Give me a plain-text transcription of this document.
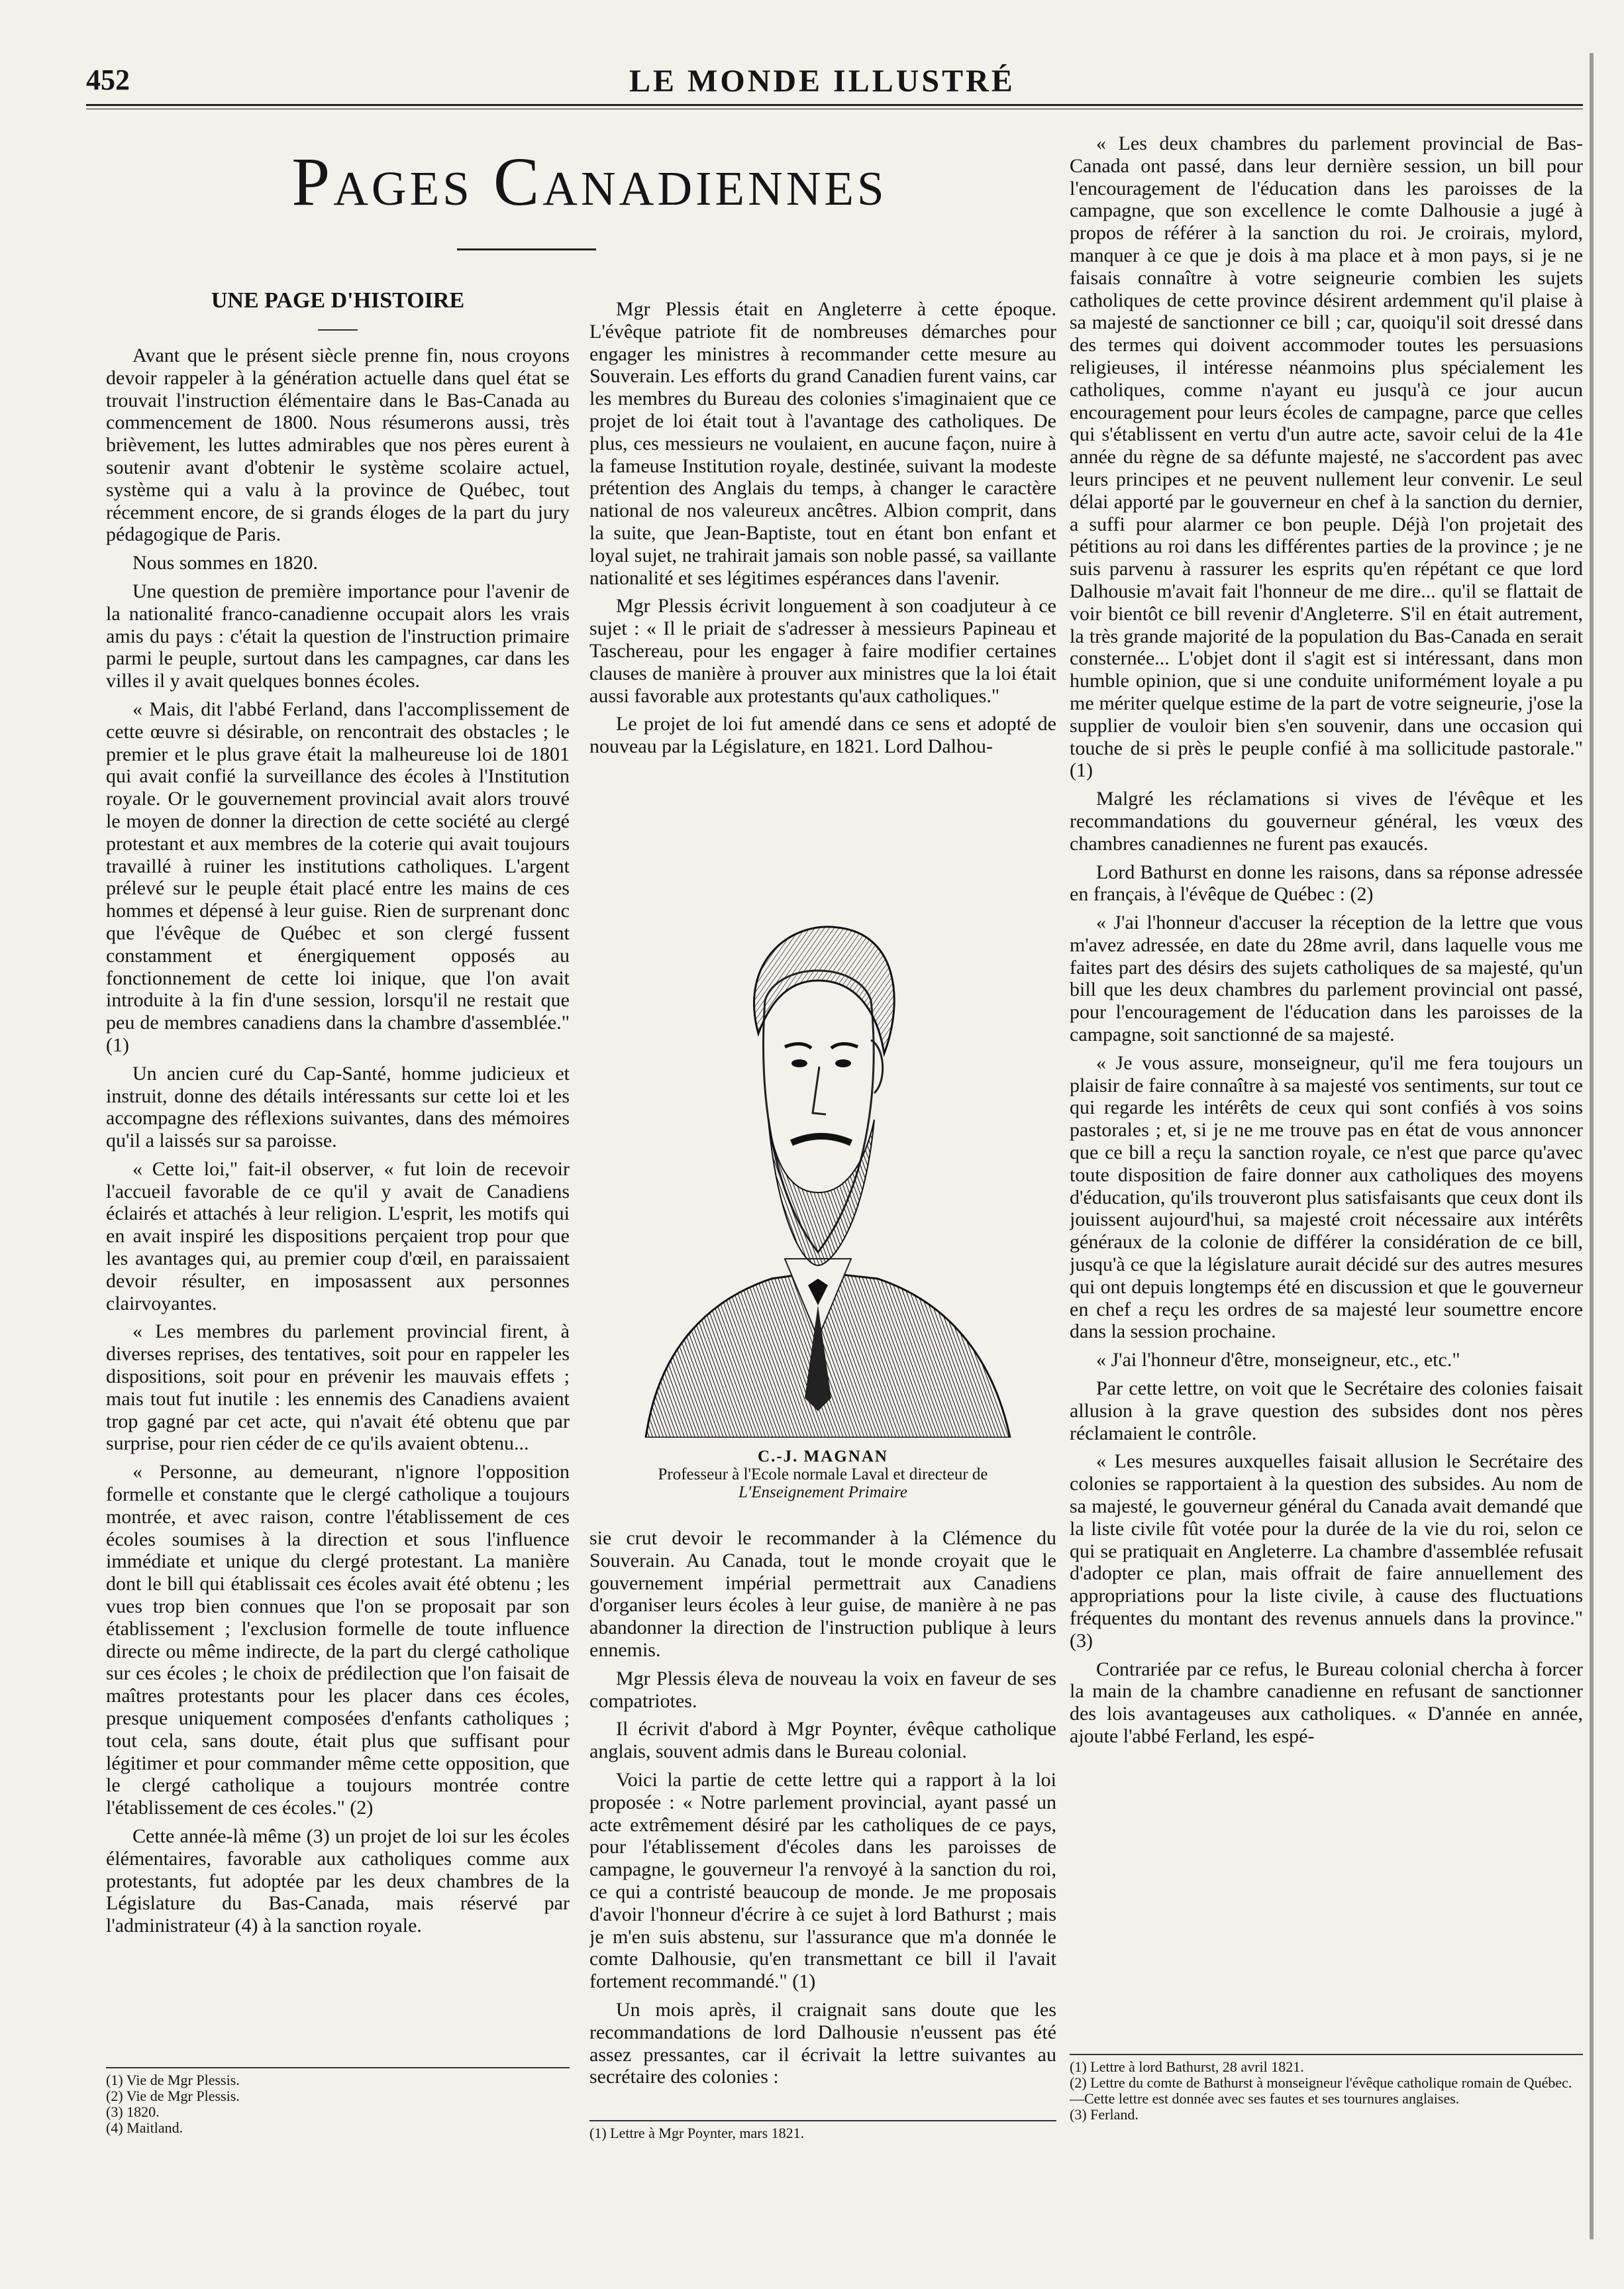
452	LE MONDE ILLUSTRÉ
Pages Canadiennes
UNE PAGE D'HISTOIRE

Avant que le présent siècle prenne fin, nous croyons devoir rappeler à la génération actuelle dans quel état se trouvait l'instruction élémentaire dans le Bas-Canada au commencement de 1800. Nous résumerons aussi, très brièvement, les luttes admirables que nos pères eurent à soutenir avant d'obtenir le système scolaire actuel, système qui a valu à la province de Québec, tout récemment encore, de si grands éloges de la part du jury pédagogique de Paris.

Nous sommes en 1820.

Une question de première importance pour l'avenir de la nationalité franco-canadienne occupait alors les vrais amis du pays : c'était la question de l'instruction primaire parmi le peuple, surtout dans les campagnes, car dans les villes il y avait quelques bonnes écoles.

« Mais, dit l'abbé Ferland, dans l'accomplissement de cette œuvre si désirable, on rencontrait des obstacles ; le premier et le plus grave était la malheureuse loi de 1801 qui avait confié la surveillance des écoles à l'Institution royale. Or le gouvernement provincial avait alors trouvé le moyen de donner la direction de cette société au clergé protestant et aux membres de la coterie qui avait toujours travaillé à ruiner les institutions catholiques. L'argent prélevé sur le peuple était placé entre les mains de ces hommes et dépensé à leur guise. Rien de surprenant donc que l'évêque de Québec et son clergé fussent constamment et énergiquement opposés au fonctionnement de cette loi inique, que l'on avait introduite à la fin d'une session, lorsqu'il ne restait que peu de membres canadiens dans la chambre d'assemblée." (1)

Un ancien curé du Cap-Santé, homme judicieux et instruit, donne des détails intéressants sur cette loi et les accompagne des réflexions suivantes, dans des mémoires qu'il a laissés sur sa paroisse.

« Cette loi," fait-il observer, « fut loin de recevoir l'accueil favorable de ce qu'il y avait de Canadiens éclairés et attachés à leur religion. L'esprit, les motifs qui en avait inspiré les dispositions perçaient trop pour que les avantages qui, au premier coup d'œil, en paraissaient devoir résulter, en imposassent aux personnes clairvoyantes.

« Les membres du parlement provincial firent, à diverses reprises, des tentatives, soit pour en rappeler les dispositions, soit pour en prévenir les mauvais effets ; mais tout fut inutile : les ennemis des Canadiens avaient trop gagné par cet acte, qui n'avait été obtenu que par surprise, pour rien céder de ce qu'ils avaient obtenu...

« Personne, au demeurant, n'ignore l'opposition formelle et constante que le clergé catholique a toujours montrée, et avec raison, contre l'établissement de ces écoles soumises à la direction et sous l'influence immédiate et unique du clergé protestant. La manière dont le bill qui établissait ces écoles avait été obtenu ; les vues trop bien connues que l'on se proposait par son établissement ; l'exclusion formelle de toute influence directe ou même indirecte, de la part du clergé catholique sur ces écoles ; le choix de prédilection que l'on faisait de maîtres protestants pour les placer dans ces écoles, presque uniquement composées d'enfants catholiques ; tout cela, sans doute, était plus que suffisant pour légitimer et pour commander même cette opposition, que le clergé catholique a toujours montrée contre l'établissement de ces écoles." (2)

Cette année-là même (3) un projet de loi sur les écoles élémentaires, favorable aux catholiques comme aux protestants, fut adoptée par les deux chambres de la Législature du Bas-Canada, mais réservé par l'administrateur (4) à la sanction royale.

(1) Vie de Mgr Plessis.
(2) Vie de Mgr Plessis.
(3) 1820.
(4) Maitland.

Mgr Plessis était en Angleterre à cette époque. L'évêque patriote fit de nombreuses démarches pour engager les ministres à recommander cette mesure au Souverain. Les efforts du grand Canadien furent vains, car les membres du Bureau des colonies s'imaginaient que ce projet de loi était tout à l'avantage des catholiques. De plus, ces messieurs ne voulaient, en aucune façon, nuire à la fameuse Institution royale, destinée, suivant la modeste prétention des Anglais du temps, à changer le caractère national de nos valeureux ancêtres. Albion comprit, dans la suite, que Jean-Baptiste, tout en étant bon enfant et loyal sujet, ne trahirait jamais son noble passé, sa vaillante nationalité et ses légitimes espérances dans l'avenir.

Mgr Plessis écrivit longuement à son coadjuteur à ce sujet : « Il le priait de s'adresser à messieurs Papineau et Taschereau, pour les engager à faire modifier certaines clauses de manière à prouver aux ministres que la loi était aussi favorable aux protestants qu'aux catholiques."

Le projet de loi fut amendé dans ce sens et adopté de nouveau par la Législature, en 1821. Lord Dalhou-

C.-J. MAGNAN
Professeur à l'Ecole normale Laval et directeur de
L'Enseignement Primaire

sie crut devoir le recommander à la Clémence du Souverain. Au Canada, tout le monde croyait que le gouvernement impérial permettrait aux Canadiens d'organiser leurs écoles à leur guise, de manière à ne pas abandonner la direction de l'instruction publique à leurs ennemis.

Mgr Plessis éleva de nouveau la voix en faveur de ses compatriotes.

Il écrivit d'abord à Mgr Poynter, évêque catholique anglais, souvent admis dans le Bureau colonial.

Voici la partie de cette lettre qui a rapport à la loi proposée : « Notre parlement provincial, ayant passé un acte extrêmement désiré par les catholiques de ce pays, pour l'établissement d'écoles dans les paroisses de campagne, le gouverneur l'a renvoyé à la sanction du roi, ce qui a contristé beaucoup de monde. Je me proposais d'avoir l'honneur d'écrire à ce sujet à lord Bathurst ; mais je m'en suis abstenu, sur l'assurance que m'a donnée le comte Dalhousie, qu'en transmettant ce bill il l'avait fortement recommandé." (1)

Un mois après, il craignait sans doute que les recommandations de lord Dalhousie n'eussent pas été assez pressantes, car il écrivait la lettre suivantes au secrétaire des colonies :

(1) Lettre à Mgr Poynter, mars 1821.

« Les deux chambres du parlement provincial de Bas-Canada ont passé, dans leur dernière session, un bill pour l'encouragement de l'éducation dans les paroisses de la campagne, que son excellence le comte Dalhousie a jugé à propos de référer à la sanction du roi. Je croirais, mylord, manquer à ce que je dois à ma place et à mon pays, si je ne faisais connaître à votre seigneurie combien les sujets catholiques de cette province désirent ardemment qu'il plaise à sa majesté de sanctionner ce bill ; car, quoiqu'il soit dressé dans des termes qui doivent accommoder toutes les persuasions religieuses, il intéresse néanmoins plus spécialement les catholiques, comme n'ayant eu jusqu'à ce jour aucun encouragement pour leurs écoles de campagne, parce que celles qui s'établissent en vertu d'un autre acte, savoir celui de la 41e année du règne de sa défunte majesté, ne s'accordent pas avec leurs principes et ne peuvent nullement leur convenir. Le seul délai apporté par le gouverneur en chef à la sanction du dernier, a suffi pour alarmer ce bon peuple. Déjà l'on projetait des pétitions au roi dans les différentes parties de la province ; je ne suis parvenu à rassurer les esprits qu'en répétant ce que lord Dalhousie m'avait fait l'honneur de me dire... qu'il se flattait de voir bientôt ce bill revenir d'Angleterre. S'il en était autrement, la très grande majorité de la population du Bas-Canada en serait consternée... L'objet dont il s'agit est si intéressant, dans mon humble opinion, que si une conduite uniformément loyale a pu me mériter quelque estime de la part de votre seigneurie, j'ose la supplier de vouloir bien s'en souvenir, dans une occasion qui touche de si près le peuple confié à ma sollicitude pastorale." (1)

Malgré les réclamations si vives de l'évêque et les recommandations du gouverneur général, les vœux des chambres canadiennes ne furent pas exaucés.

Lord Bathurst en donne les raisons, dans sa réponse adressée en français, à l'évêque de Québec : (2)

« J'ai l'honneur d'accuser la réception de la lettre que vous m'avez adressée, en date du 28me avril, dans laquelle vous me faites part des désirs des sujets catholiques de sa majesté, qu'un bill que les deux chambres du parlement provincial ont passé, pour l'encouragement de l'éducation dans les paroisses de la campagne, soit sanctionné de sa majesté.

« Je vous assure, monseigneur, qu'il me fera toujours un plaisir de faire connaître à sa majesté vos sentiments, sur tout ce qui regarde les intérêts de ceux qui sont confiés à vos soins pastorales ; et, si je ne me trouve pas en état de vous annoncer que ce bill a reçu la sanction royale, ce n'est que parce qu'avec toute disposition de faire donner aux catholiques des moyens d'éducation, qu'ils trouveront plus satisfaisants que ceux dont ils jouissent aujourd'hui, sa majesté croit nécessaire aux intérêts généraux de la colonie de différer la considération de ce bill, jusqu'à ce que la législature aurait décidé sur des autres mesures qui ont depuis longtemps été en discussion et que le gouverneur en chef a reçu les ordres de sa majesté leur soumettre encore dans la session prochaine.

« J'ai l'honneur d'être, monseigneur, etc., etc."

Par cette lettre, on voit que le Secrétaire des colonies faisait allusion à la grave question des subsides dont nos pères réclamaient le contrôle.

« Les mesures auxquelles faisait allusion le Secrétaire des colonies se rapportaient à la question des subsides. Au nom de sa majesté, le gouverneur général du Canada avait demandé que la liste civile fût votée pour la durée de la vie du roi, selon ce qui se pratiquait en Angleterre. La chambre d'assemblée refusait d'adopter ce plan, mais offrait de faire annuellement des appropriations pour la liste civile, à cause des fluctuations fréquentes du montant des revenus annuels dans la province." (3)

Contrariée par ce refus, le Bureau colonial chercha à forcer la main de la chambre canadienne en refusant de sanctionner des lois avantageuses aux catholiques. « D'année en année, ajoute l'abbé Ferland, les espé-

(1) Lettre à lord Bathurst, 28 avril 1821.
(2) Lettre du comte de Bathurst à monseigneur l'évêque catholique romain de Québec.—Cette lettre est donnée avec ses fautes et ses tournures anglaises.
(3) Ferland.
